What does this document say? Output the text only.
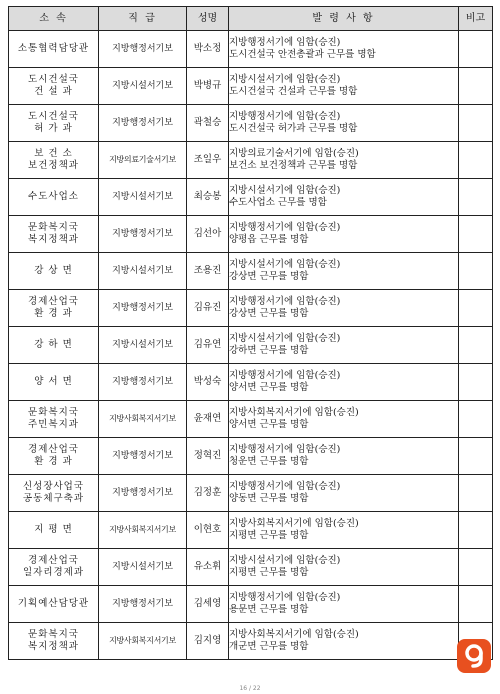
소 속	직 급	성명	발 령 사 항	비고

소통협력담당관	지방행정서기보	박소정	지방행정서기에 임함(승진)
도시건설국 안전총괄과 근무를 명함	

도시건설국
건 설 과	지방시설서기보	박병규	지방시설서기에 임함(승진)
도시건설국 건설과 근무를 명함	

도시건설국
허 가 과	지방행정서기보	곽철승	지방행정서기에 임함(승진)
도시건설국 허가과 근무를 명함	

보 건 소
보건정책과	지방의료기술서기보	조일우	지방의료기술서기에 임함(승진)
보건소 보건정책과 근무를 명함	

수도사업소	지방시설서기보	최승봉	지방시설서기에 임함(승진)
수도사업소 근무를 명함	

문화복지국
복지정책과	지방행정서기보	김선아	지방행정서기에 임함(승진)
양평읍 근무를 명함	

강 상 면	지방시설서기보	조용진	지방시설서기에 임함(승진)
강상면 근무를 명함	

경제산업국
환 경 과	지방행정서기보	김유진	지방행정서기에 임함(승진)
강상면 근무를 명함	

강 하 면	지방시설서기보	김유연	지방시설서기에 임함(승진)
강하면 근무를 명함	

양 서 면	지방행정서기보	박성숙	지방행정서기에 임함(승진)
양서면 근무를 명함	

문화복지국
주민복지과	지방사회복지서기보	윤재연	지방사회복지서기에 임함(승진)
양서면 근무를 명함	

경제산업국
환 경 과	지방행정서기보	정혁진	지방행정서기에 임함(승진)
청운면 근무를 명함	

신성장사업국
공동체구축과	지방행정서기보	김정훈	지방행정서기에 임함(승진)
양동면 근무를 명함	

지 평 면	지방사회복지서기보	이현호	지방사회복지서기에 임함(승진)
지평면 근무를 명함	

경제산업국
일자리경제과	지방시설서기보	유소휘	지방시설서기에 임함(승진)
지평면 근무를 명함	

기획예산담당관	지방행정서기보	김세영	지방행정서기에 임함(승진)
용문면 근무를 명함	

문화복지국
복지정책과	지방사회복지서기보	김지영	지방사회복지서기에 임함(승진)
개군면 근무를 명함	

16 / 22
